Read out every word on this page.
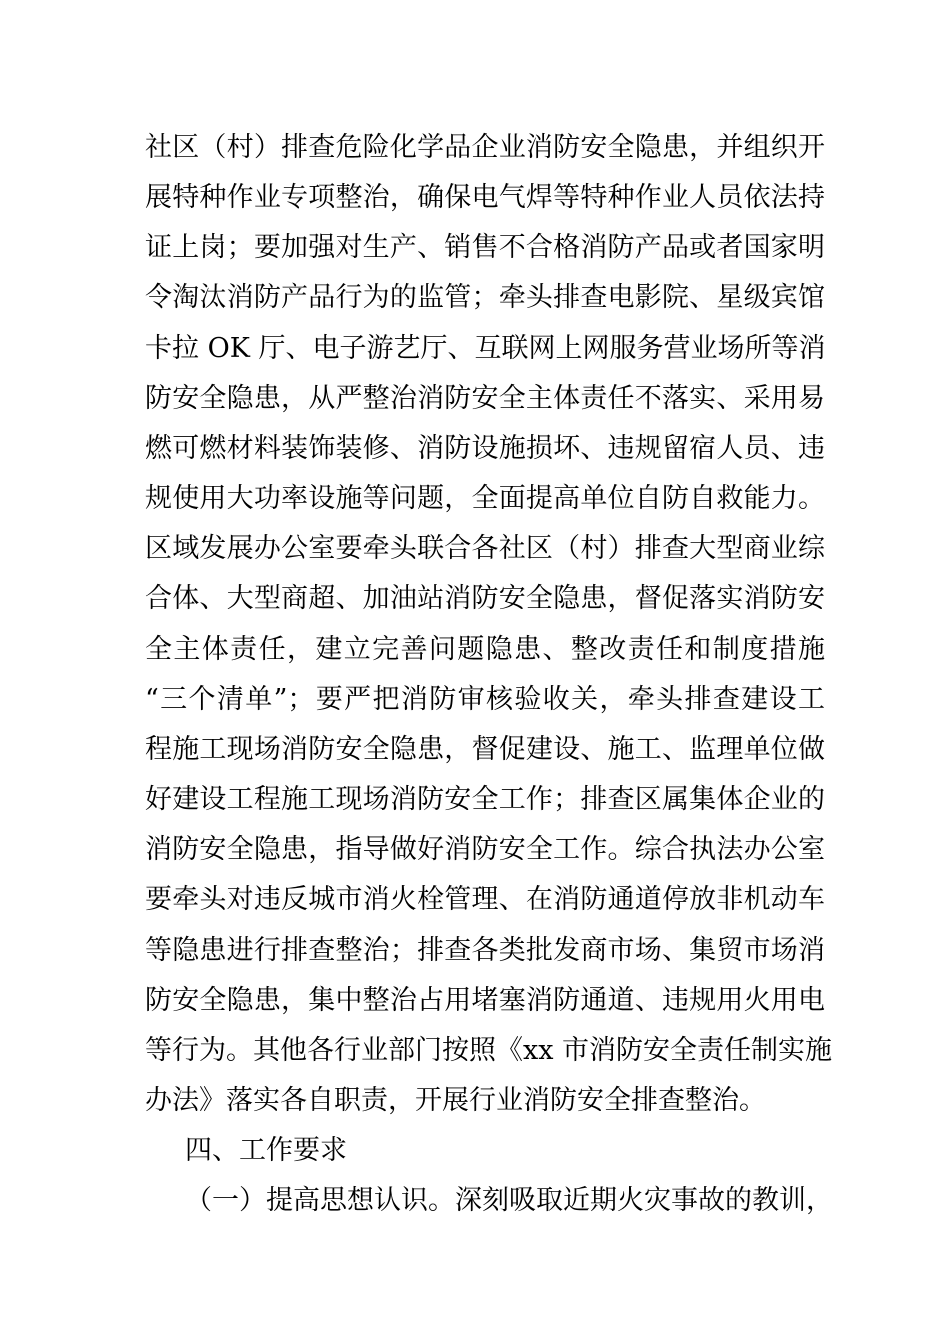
社区（村）排查危险化学品企业消防安全隐患，并组织开
展特种作业专项整治，确保电气焊等特种作业人员依法持
证上岗；要加强对生产、销售不合格消防产品或者国家明
令淘汰消防产品行为的监管；牵头排查电影院、星级宾馆
卡拉 OK 厅、电子游艺厅、互联网上网服务营业场所等消
防安全隐患，从严整治消防安全主体责任不落实、采用易
燃可燃材料装饰装修、消防设施损坏、违规留宿人员、违
规使用大功率设施等问题，全面提高单位自防自救能力。
区域发展办公室要牵头联合各社区（村）排查大型商业综
合体、大型商超、加油站消防安全隐患，督促落实消防安
全主体责任，建立完善问题隐患、整改责任和制度措施
“三个清单”；要严把消防审核验收关，牵头排查建设工
程施工现场消防安全隐患，督促建设、施工、监理单位做
好建设工程施工现场消防安全工作；排查区属集体企业的
消防安全隐患，指导做好消防安全工作。综合执法办公室
要牵头对违反城市消火栓管理、在消防通道停放非机动车
等隐患进行排查整治；排查各类批发商市场、集贸市场消
防安全隐患，集中整治占用堵塞消防通道、违规用火用电
等行为。其他各行业部门按照《xx 市消防安全责任制实施
办法》落实各自职责，开展行业消防安全排查整治。
四、工作要求
（一）提高思想认识。深刻吸取近期火灾事故的教训，
